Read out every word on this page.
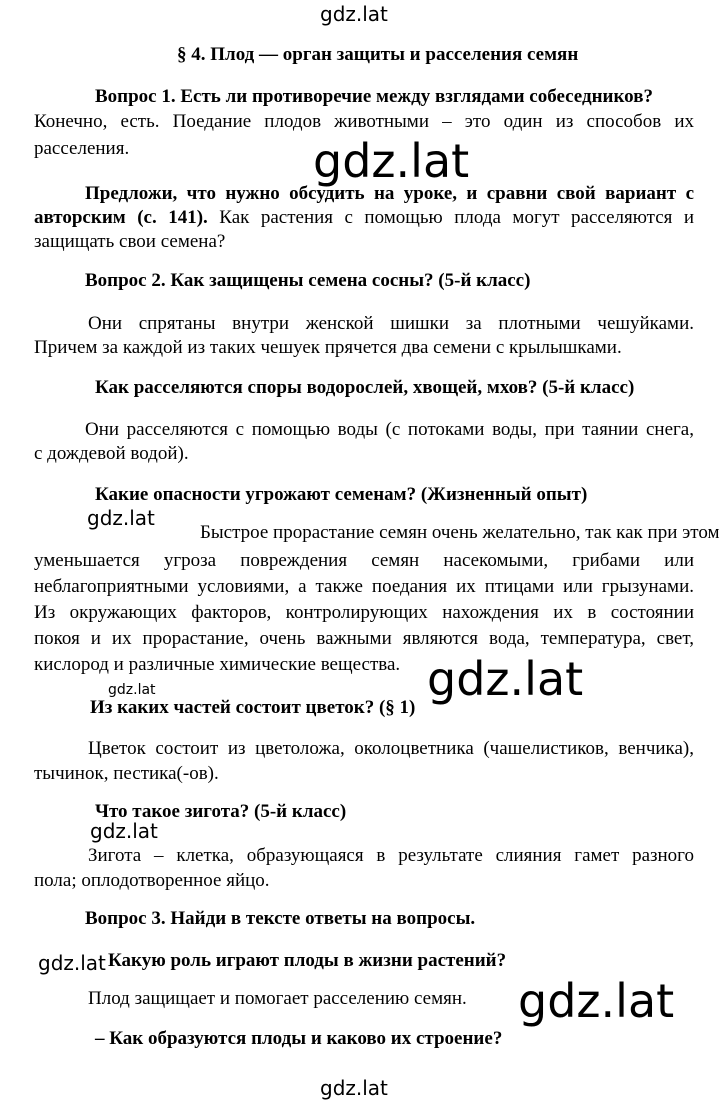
gdz.lat
§ 4. Плод — орган защиты и расселения семян
Вопрос 1. Есть ли противоречие между взглядами собеседников?
Конечно, есть. Поедание плодов животными – это один из способов их
расселения.	gdz.lat
Предложи, что нужно обсудить на уроке, и сравни свой вариант с
авторским (с. 141). Как растения с помощью плода могут расселяются и
защищать свои семена?
Вопрос 2. Как защищены семена сосны? (5-й класс)
Они спрятаны внутри женской шишки за плотными чешуйками.
Причем за каждой из таких чешуек прячется два семени с крылышками.
Как расселяются споры водорослей, хвощей, мхов? (5-й класс)
Они расселяются с помощью воды (с потоками воды, при таянии снега,
с дождевой водой).
Какие опасности угрожают семенам? (Жизненный опыт)
gdz.lat
Быстрое прорастание семян очень желательно, так как при этом
уменьшается угроза повреждения семян насекомыми, грибами или
неблагоприятными условиями, а также поедания их птицами или грызунами.
Из окружающих факторов, контролирующих нахождения их в состоянии
покоя и их прорастание, очень важными являются вода, температура, свет,
кислород и различные химические вещества. gdz.lat
gdz.lat
Из каких частей состоит цветок? (§ 1)
Цветок состоит из цветоложа, околоцветника (чашелистиков, венчика),
тычинок, пестика(-ов).
Что такое зигота? (5-й класс)
gdz.lat
Зигота – клетка, образующаяся в результате слияния гамет разного
пола; оплодотворенное яйцо.
Вопрос 3. Найди в тексте ответы на вопросы.
gdz.lat Какую роль играют плоды в жизни растений?
Плод защищает и помогает расселению семян. gdz.lat
– Как образуются плоды и каково их строение?
gdz.lat
